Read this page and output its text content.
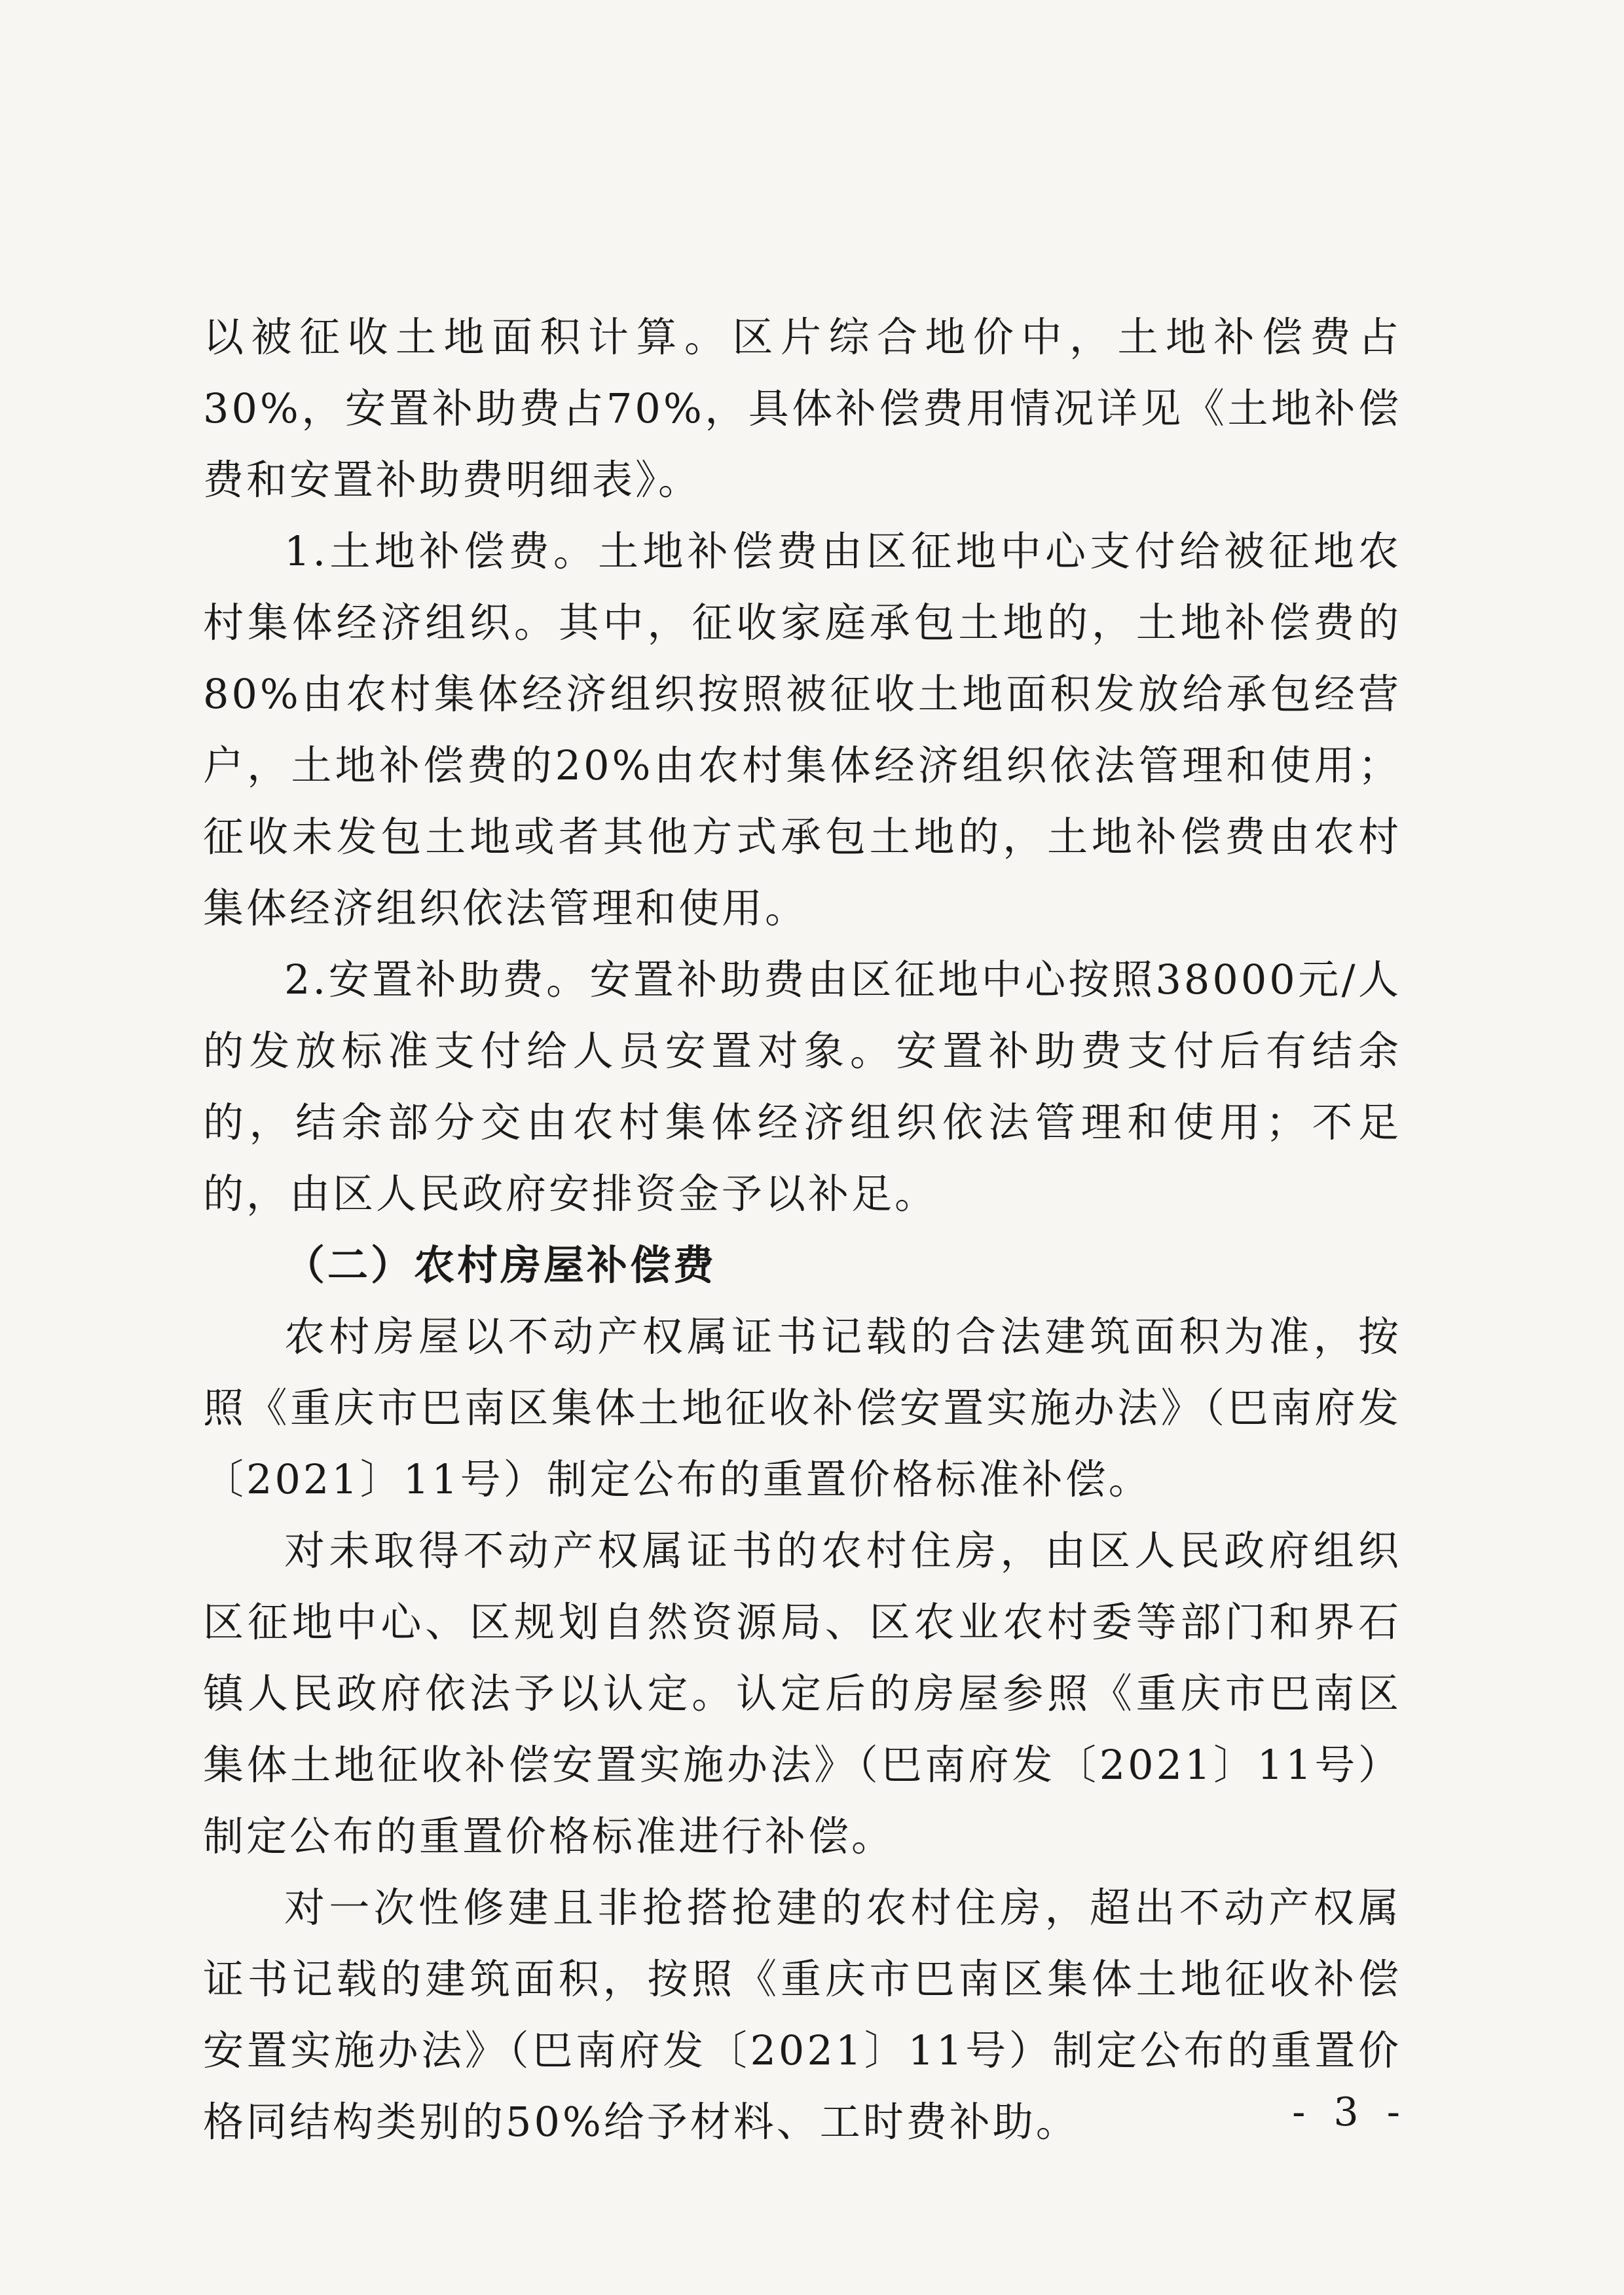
以被征收土地面积计算。区片综合地价中，土地补偿费占30%，安置补助费占70%，具体补偿费用情况详见《土地补偿费和安置补助费明细表》。

1.土地补偿费。土地补偿费由区征地中心支付给被征地农村集体经济组织。其中，征收家庭承包土地的，土地补偿费的80%由农村集体经济组织按照被征收土地面积发放给承包经营户，土地补偿费的20%由农村集体经济组织依法管理和使用；征收未发包土地或者其他方式承包土地的，土地补偿费由农村集体经济组织依法管理和使用。

2.安置补助费。安置补助费由区征地中心按照38000元/人的发放标准支付给人员安置对象。安置补助费支付后有结余的，结余部分交由农村集体经济组织依法管理和使用；不足的，由区人民政府安排资金予以补足。

（二）农村房屋补偿费

农村房屋以不动产权属证书记载的合法建筑面积为准，按照《重庆市巴南区集体土地征收补偿安置实施办法》（巴南府发〔2021〕11号）制定公布的重置价格标准补偿。

对未取得不动产权属证书的农村住房，由区人民政府组织区征地中心、区规划自然资源局、区农业农村委等部门和界石镇人民政府依法予以认定。认定后的房屋参照《重庆市巴南区集体土地征收补偿安置实施办法》（巴南府发〔2021〕11号）制定公布的重置价格标准进行补偿。

对一次性修建且非抢搭抢建的农村住房，超出不动产权属证书记载的建筑面积，按照《重庆市巴南区集体土地征收补偿安置实施办法》（巴南府发〔2021〕11号）制定公布的重置价格同结构类别的50%给予材料、工时费补助。	- 3 -
